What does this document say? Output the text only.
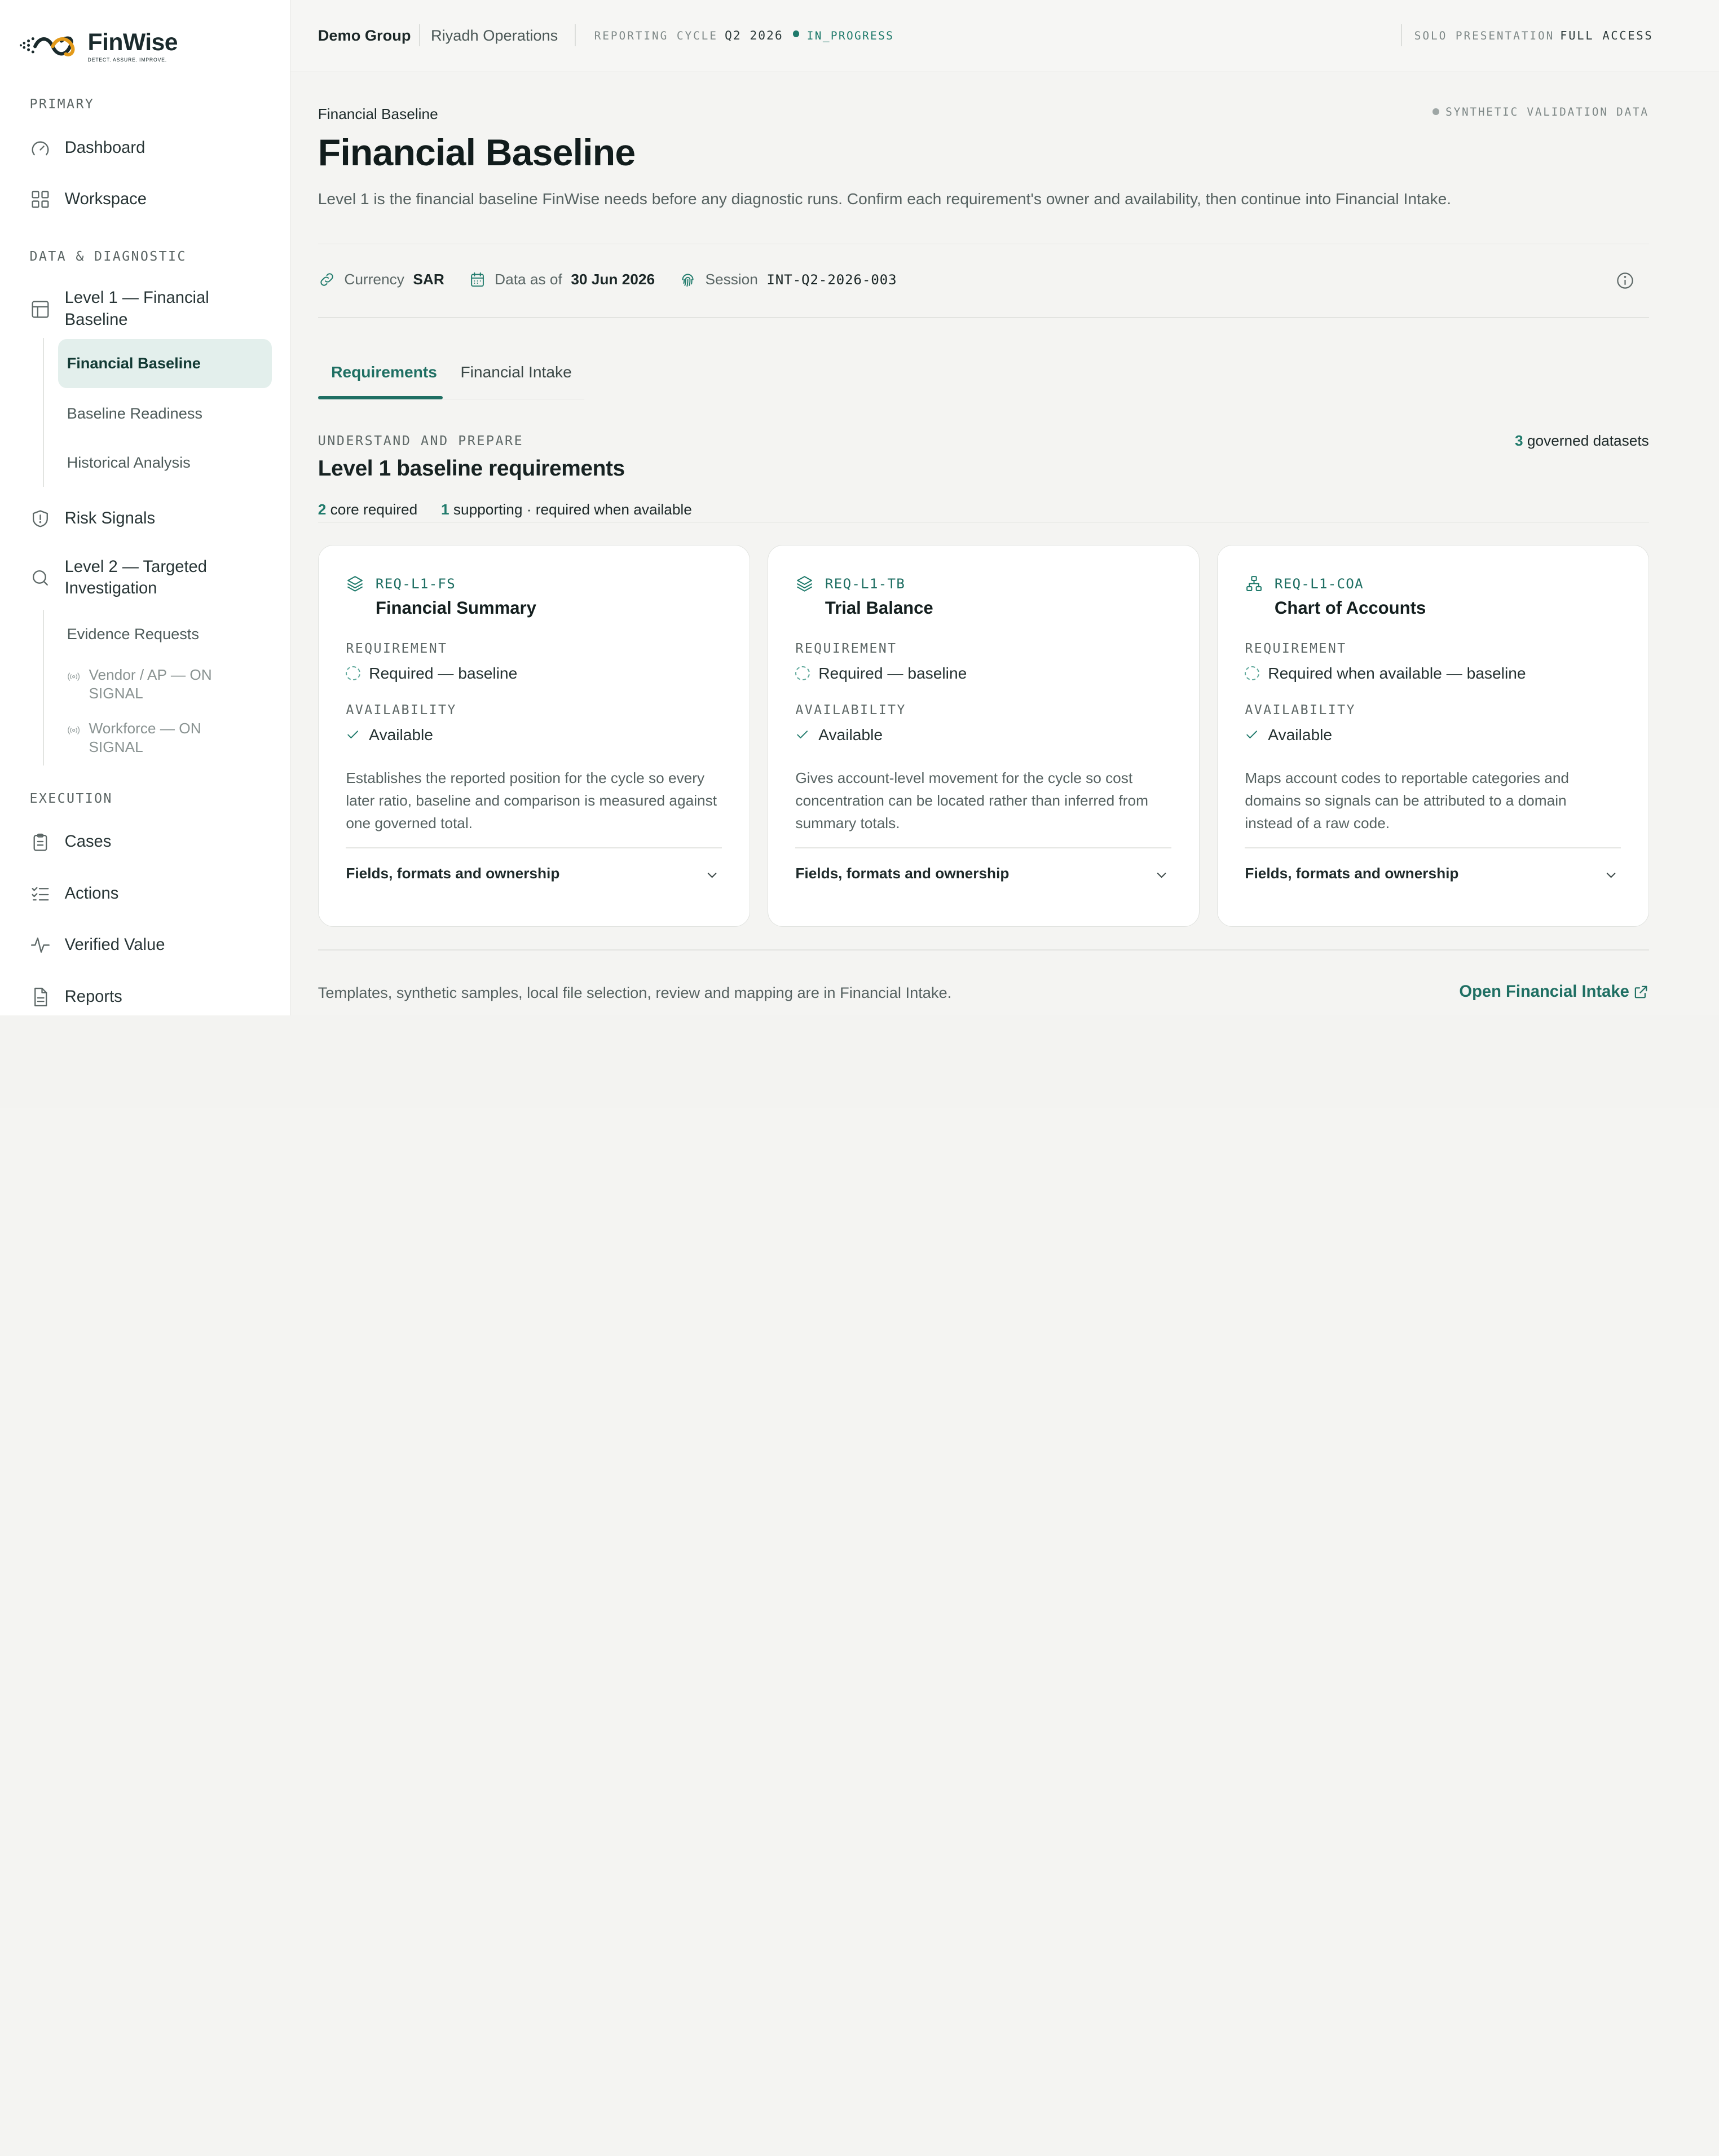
FinWise
DETECT. ASSURE. IMPROVE.
PRIMARY
Dashboard
Workspace
DATA & DIAGNOSTIC
Level 1 — Financial Baseline
Financial Baseline
Baseline Readiness
Historical Analysis
Risk Signals
Level 2 — Targeted Investigation
Evidence Requests
Vendor / AP — ON SIGNAL
Workforce — ON SIGNAL
EXECUTION
Cases
Actions
Verified Value
Reports
Demo Group	Riyadh Operations	REPORTING CYCLE Q2 2026	IN_PROGRESS	SOLO PRESENTATION FULL ACCESS
Financial Baseline	SYNTHETIC VALIDATION DATA
Financial Baseline

Level 1 is the financial baseline FinWise needs before any diagnostic runs. Confirm each requirement's owner and availability, then continue into Financial Intake.

Currency SAR	Data as of 30 Jun 2026	Session INT-Q2-2026-003
Requirements	Financial Intake
UNDERSTAND AND PREPARE
Level 1 baseline requirements
3 governed datasets
2 core required	1 supporting · required when available
REQ-L1-FS
Financial Summary
REQUIREMENT
Required — baseline
AVAILABILITY
Available

Establishes the reported position for the cycle so every later ratio, baseline and comparison is measured against one governed total.

Fields, formats and ownership
REQ-L1-TB
Trial Balance
REQUIREMENT
Required — baseline
AVAILABILITY
Available

Gives account-level movement for the cycle so cost concentration can be located rather than inferred from summary totals.

Fields, formats and ownership
REQ-L1-COA
Chart of Accounts
REQUIREMENT
Required when available — baseline
AVAILABILITY
Available

Maps account codes to reportable categories and domains so signals can be attributed to a domain instead of a raw code.

Fields, formats and ownership
Templates, synthetic samples, local file selection, review and mapping are in Financial Intake.	Open Financial Intake
